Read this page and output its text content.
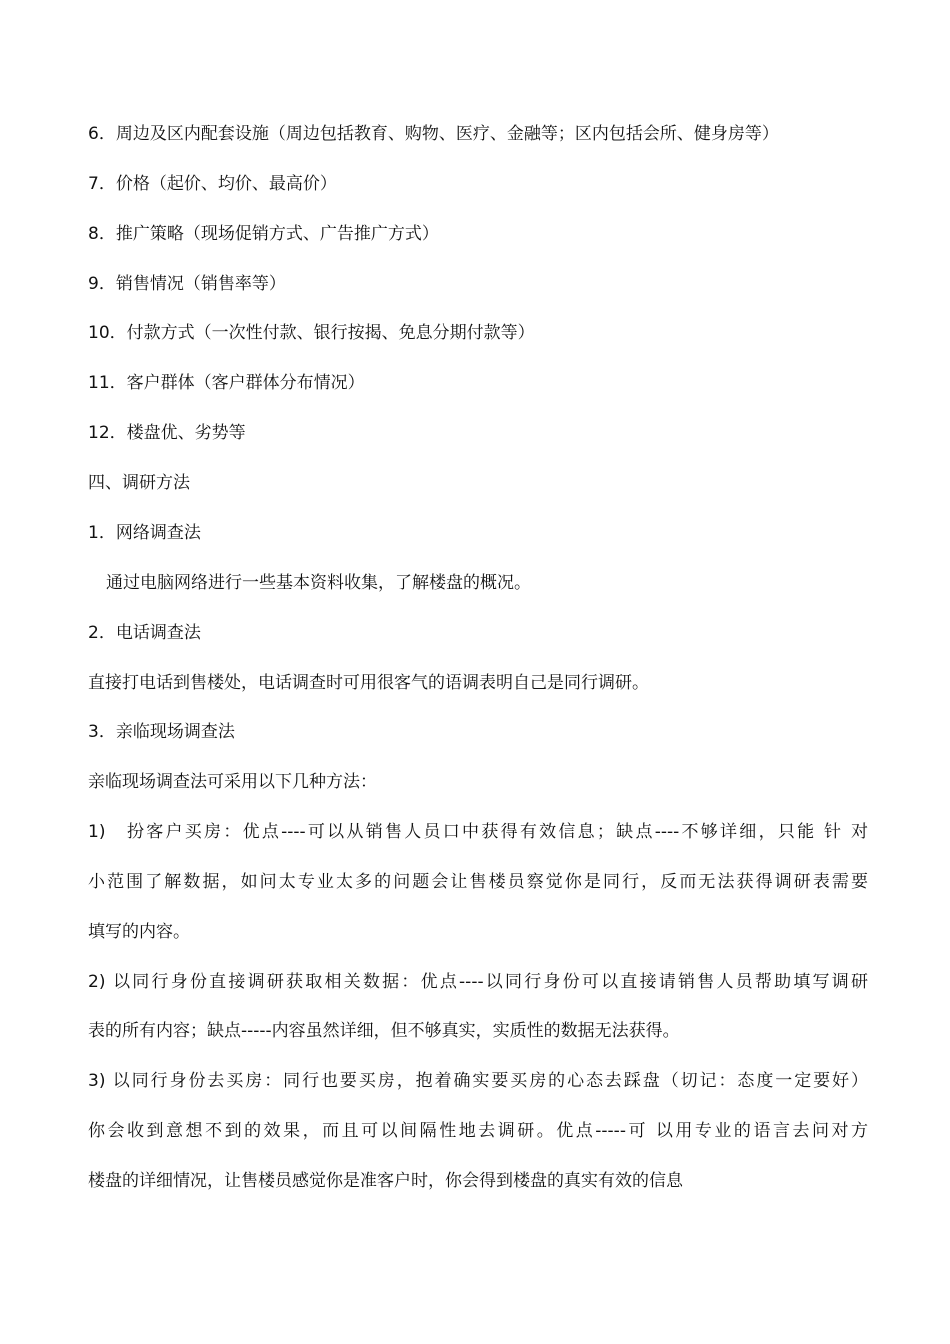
6．周边及区内配套设施（周边包括教育、购物、医疗、金融等；区内包括会所、健身房等）
7．价格（起价、均价、最高价）
8．推广策略（现场促销方式、广告推广方式）
9．销售情况（销售率等）
10．付款方式（一次性付款、银行按揭、免息分期付款等）
11．客户群体（客户群体分布情况）
12．楼盘优、劣势等
四、调研方法
1．网络调查法
通过电脑网络进行一些基本资料收集，了解楼盘的概况。
2．电话调查法
直接打电话到售楼处，电话调查时可用很客气的语调表明自己是同行调研。
3．亲临现场调查法
亲临现场调查法可采用以下几种方法：
1)　扮客户买房：优点----可以从销售人员口中获得有效信息；缺点----不够详细，只能 针 对
小范围了解数据，如问太专业太多的问题会让售楼员察觉你是同行，反而无法获得调研表需要
填写的内容。
2) 以同行身份直接调研获取相关数据：优点----以同行身份可以直接请销售人员帮助填写调研
表的所有内容；缺点-----内容虽然详细，但不够真实，实质性的数据无法获得。
3) 以同行身份去买房：同行也要买房，抱着确实要买房的心态去踩盘（切记：态度一定要好）
你会收到意想不到的效果，而且可以间隔性地去调研。优点-----可 以用专业的语言去问对方
楼盘的详细情况，让售楼员感觉你是准客户时，你会得到楼盘的真实有效的信息
